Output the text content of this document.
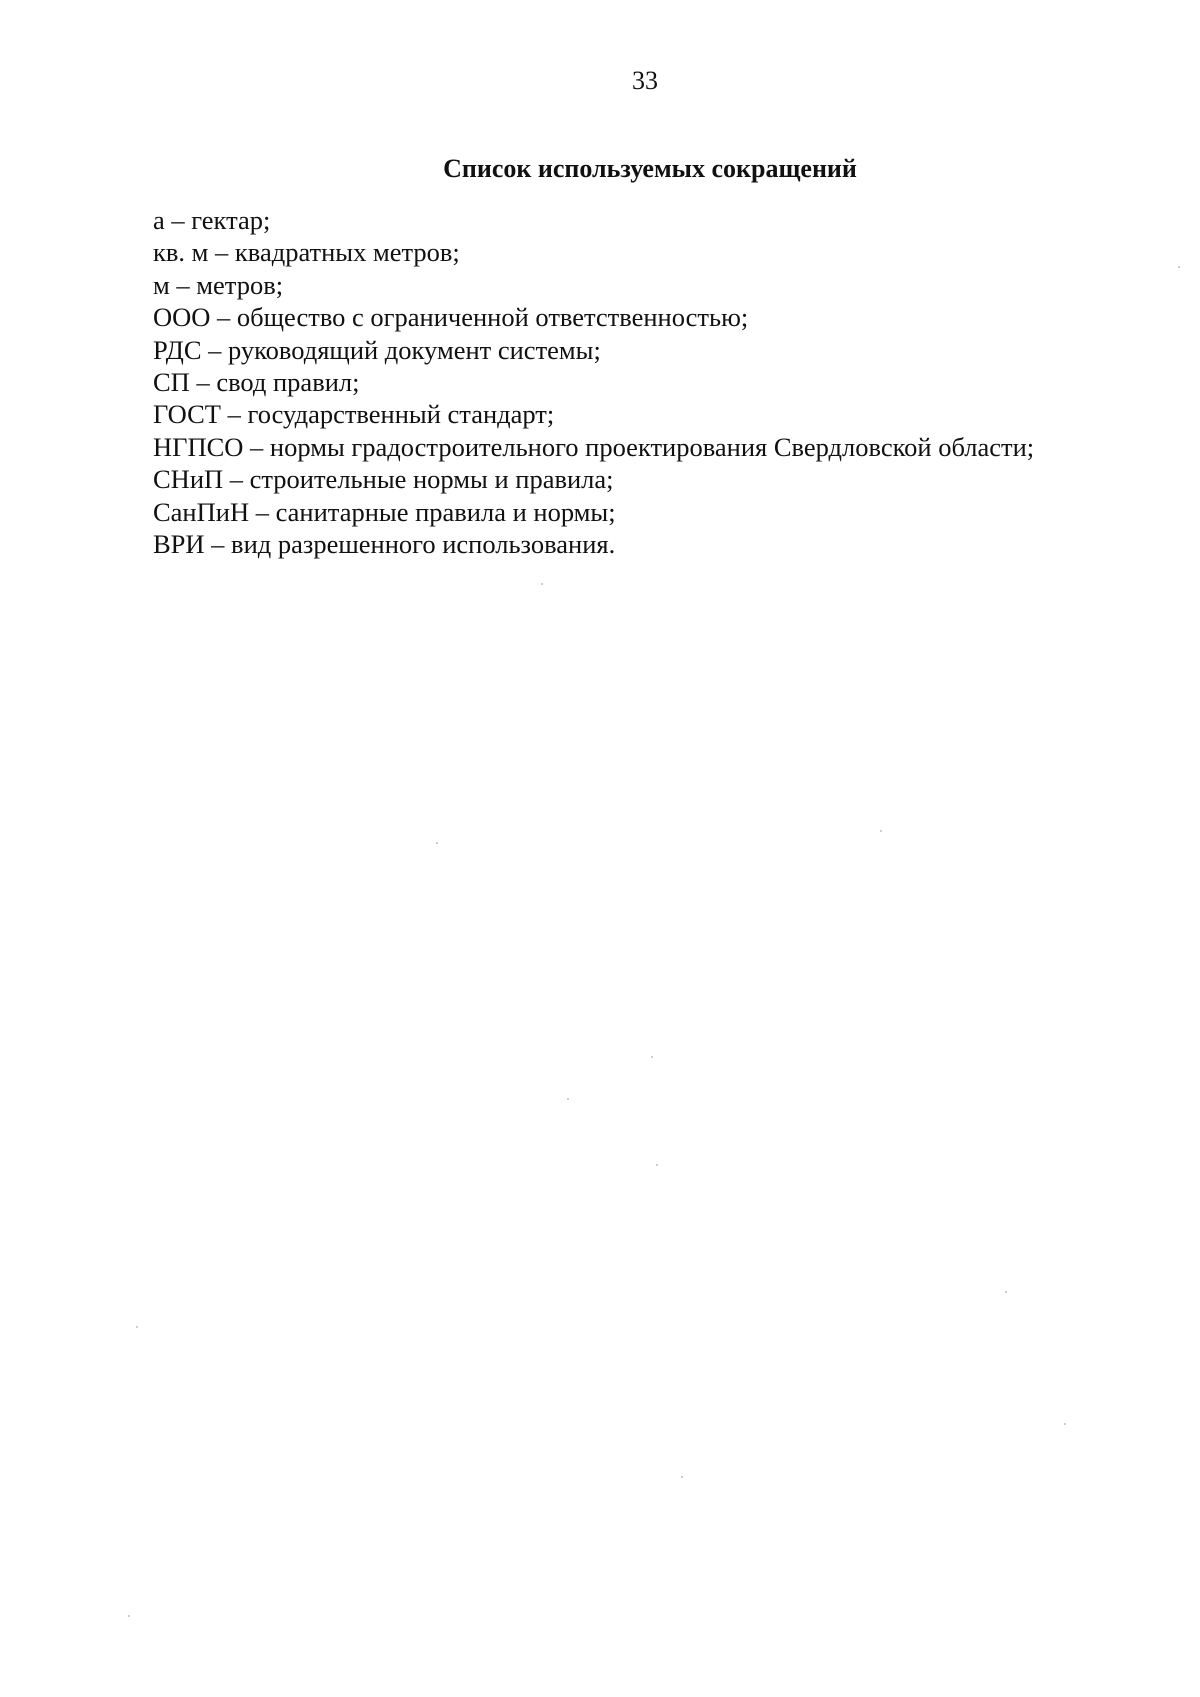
33
Список используемых сокращений
а – гектар;
кв. м – квадратных метров;
м – метров;
ООО – общество с ограниченной ответственностью;
РДС – руководящий документ системы;
СП – свод правил;
ГОСТ – государственный стандарт;
НГПСО – нормы градостроительного проектирования Свердловской области;
СНиП – строительные нормы и правила;
СанПиН – санитарные правила и нормы;
ВРИ – вид разрешенного использования.
